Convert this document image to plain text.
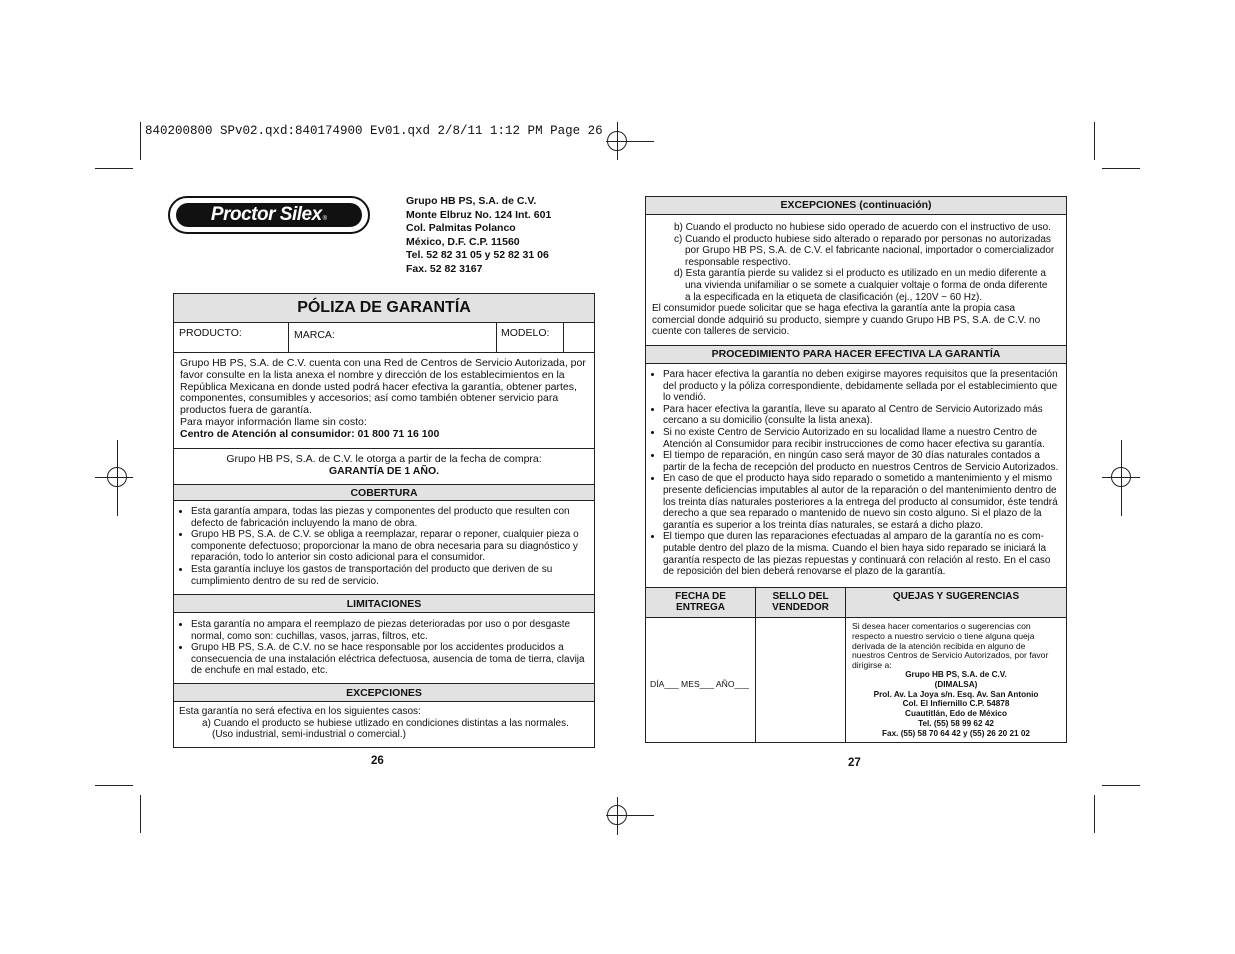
840200800 SPv02.qxd:840174900 Ev01.qxd 2/8/11 1:12 PM Page 26
Proctor Silex ®
Grupo HB PS, S.A. de C.V.
Monte Elbruz No. 124 Int. 601
Col. Palmitas Polanco
México, D.F. C.P. 11560
Tel. 52 82 31 05 y 52 82 31 06
Fax. 52 82 3167
PÓLIZA DE GARANTÍA
PRODUCTO:	MARCA:	MODELO:
Grupo HB PS, S.A. de C.V. cuenta con una Red de Centros de Servicio Autorizada, por favor consulte en la lista anexa el nombre y dirección de los establecimientos en la República Mexicana en donde usted podrá hacer efectiva la garantía, obtener partes, componentes, consumibles y accesorios; así como también obtener servicio para productos fuera de garantía.
Para mayor información llame sin costo:
Centro de Atención al consumidor: 01 800 71 16 100
Grupo HB PS, S.A. de C.V. le otorga a partir de la fecha de compra:
GARANTÍA DE 1 AÑO.
COBERTURA
• Esta garantía ampara, todas las piezas y componentes del producto que resulten con defecto de fabricación incluyendo la mano de obra.
• Grupo HB PS, S.A. de C.V. se obliga a reemplazar, reparar o reponer, cualquier pieza o componente defectuoso; proporcionar la mano de obra necesaria para su diagnóstico y reparación, todo lo anterior sin costo adicional para el consumidor.
• Esta garantía incluye los gastos de transportación del producto que deriven de su cumplimiento dentro de su red de servicio.
LIMITACIONES
• Esta garantía no ampara el reemplazo de piezas deterioradas por uso o por desgaste normal, como son: cuchillas, vasos, jarras, filtros, etc.
• Grupo HB PS, S.A. de C.V. no se hace responsable por los accidentes producidos a consecuencia de una instalación eléctrica defectuosa, ausencia de toma de tierra, clavija de enchufe en mal estado, etc.
EXCEPCIONES
Esta garantía no será efectiva en los siguientes casos:
a) Cuando el producto se hubiese utlizado en condiciones distintas a las normales.
(Uso industrial, semi-industrial o comercial.)
26
EXCEPCIONES (continuación)
b) Cuando el producto no hubiese sido operado de acuerdo con el instructivo de uso.
c) Cuando el producto hubiese sido alterado o reparado por personas no autorizadas
por Grupo HB PS, S.A. de C.V. el fabricante nacional, importador o comercializador
responsable respectivo.
d) Esta garantía pierde su validez si el producto es utilizado en un medio diferente a
una vivienda unifamiliar o se somete a cualquier voltaje o forma de onda diferente
a la especificada en la etiqueta de clasificación (ej., 120V ~ 60 Hz).
El consumidor puede solicitar que se haga efectiva la garantía ante la propia casa comercial donde adquirió su producto, siempre y cuando Grupo HB PS, S.A. de C.V. no cuente con talleres de servicio.
PROCEDIMIENTO PARA HACER EFECTIVA LA GARANTÍA
• Para hacer efectiva la garantía no deben exigirse mayores requisitos que la presentación del producto y la póliza correspondiente, debidamente sellada por el establecimiento que lo vendió.
• Para hacer efectiva la garantía, lleve su aparato al Centro de Servicio Autorizado más cercano a su domicilio (consulte la lista anexa).
• Si no existe Centro de Servicio Autorizado en su localidad llame a nuestro Centro de Atención al Consumidor para recibir instrucciones de como hacer efectiva su garantía.
• El tiempo de reparación, en ningún caso será mayor de 30 días naturales contados a partir de la fecha de recepción del producto en nuestros Centros de Servicio Autorizados.
• En caso de que el producto haya sido reparado o sometido a mantenimiento y el mismo presente deficiencias imputables al autor de la reparación o del mantenimiento dentro de los treinta días naturales posteriores a la entrega del producto al consumidor, éste tendrá derecho a que sea reparado o mantenido de nuevo sin costo alguno. Si el plazo de la garantía es superior a los treinta días naturales, se estará a dicho plazo.
• El tiempo que duren las reparaciones efectuadas al amparo de la garantía no es com-putable dentro del plazo de la misma. Cuando el bien haya sido reparado se iniciará la garantía respecto de las piezas repuestas y continuará con relación al resto. En el caso de reposición del bien deberá renovarse el plazo de la garantía.
FECHA DE
ENTREGA
SELLO DEL
VENDEDOR
QUEJAS Y SUGERENCIAS
DÍA___ MES___ AÑO___
Si desea hacer comentarios o sugerencias con respecto a nuestro servicio o tiene alguna queja derivada de la atención recibida en alguno de nuestros Centros de Servicio Autorizados, por favor dirigirse a:
Grupo HB PS, S.A. de C.V.
(DIMALSA)
Prol. Av. La Joya s/n. Esq. Av. San Antonio
Col. El Infiernillo C.P. 54878
Cuautitlán, Edo de México
Tel. (55) 58 99 62 42
Fax. (55) 58 70 64 42 y (55) 26 20 21 02
27
